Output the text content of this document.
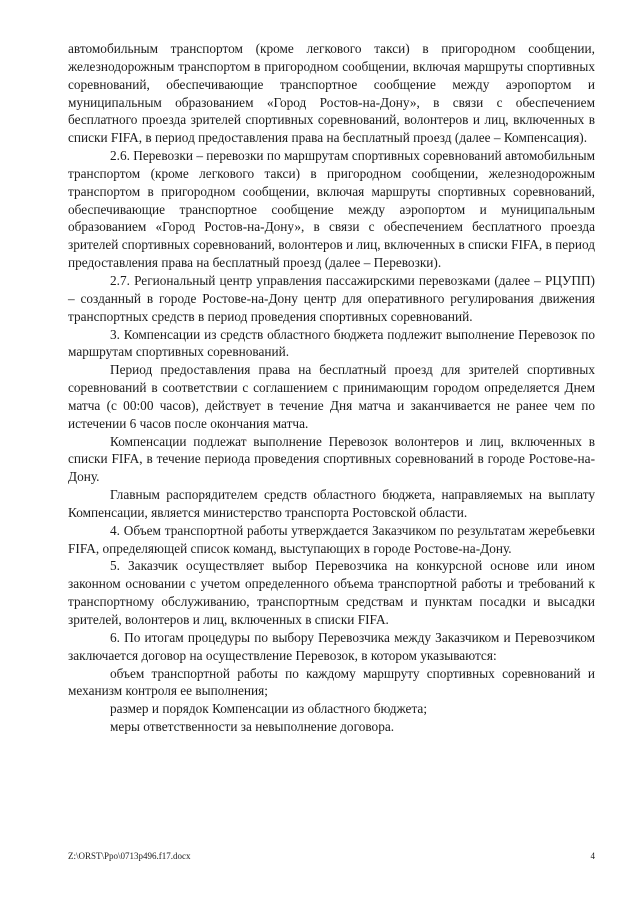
автомобильным транспортом (кроме легкового такси) в пригородном сообщении, железнодорожным транспортом в пригородном сообщении, включая маршруты спортивных соревнований, обеспечивающие транспортное сообщение между аэропортом и муниципальным образованием «Город Ростов-на-Дону», в связи с обеспечением бесплатного проезда зрителей спортивных соревнований, волонтеров и лиц, включенных в списки FIFA, в период предоставления права на бесплатный проезд (далее – Компенсация).

2.6. Перевозки – перевозки по маршрутам спортивных соревнований автомобильным транспортом (кроме легкового такси) в пригородном сообщении, железнодорожным транспортом в пригородном сообщении, включая маршруты спортивных соревнований, обеспечивающие транспортное сообщение между аэропортом и муниципальным образованием «Город Ростов-на-Дону», в связи с обеспечением бесплатного проезда зрителей спортивных соревнований, волонтеров и лиц, включенных в списки FIFA, в период предоставления права на бесплатный проезд (далее – Перевозки).

2.7. Региональный центр управления пассажирскими перевозками (далее – РЦУПП) – созданный в городе Ростове-на-Дону центр для оперативного регулирования движения транспортных средств в период проведения спортивных соревнований.

3. Компенсации из средств областного бюджета подлежит выполнение Перевозок по маршрутам спортивных соревнований.

Период предоставления права на бесплатный проезд для зрителей спортивных соревнований в соответствии с соглашением с принимающим городом определяется Днем матча (с 00:00 часов), действует в течение Дня матча и заканчивается не ранее чем по истечении 6 часов после окончания матча.

Компенсации подлежат выполнение Перевозок волонтеров и лиц, включенных в списки FIFA, в течение периода проведения спортивных соревнований в городе Ростове-на-Дону.

Главным распорядителем средств областного бюджета, направляемых на выплату Компенсации, является министерство транспорта Ростовской области.

4. Объем транспортной работы утверждается Заказчиком по результатам жеребьевки FIFA, определяющей список команд, выступающих в городе Ростове-на-Дону.

5. Заказчик осуществляет выбор Перевозчика на конкурсной основе или ином законном основании с учетом определенного объема транспортной работы и требований к транспортному обслуживанию, транспортным средствам и пунктам посадки и высадки зрителей, волонтеров и лиц, включенных в списки FIFA.

6. По итогам процедуры по выбору Перевозчика между Заказчиком и Перевозчиком заключается договор на осуществление Перевозок, в котором указываются:

объем транспортной работы по каждому маршруту спортивных соревнований и механизм контроля ее выполнения;

размер и порядок Компенсации из областного бюджета;

меры ответственности за невыполнение договора.

Z:\ORST\Ppo\0713p496.f17.docx	4
